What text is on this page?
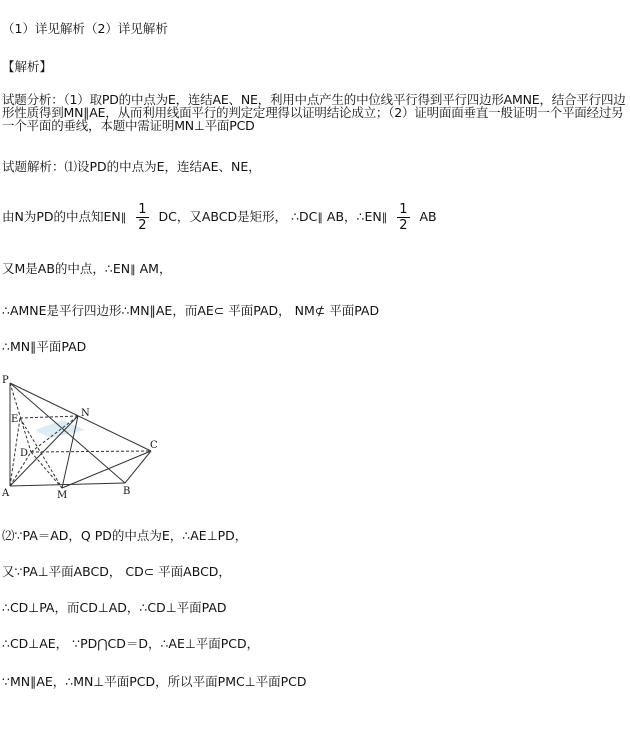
（1）详见解析（2）详见解析
【解析】
试题分析：（1）取PD的中点为E，连结AE、NE，利用中点产生的中位线平行得到平行四边形AMNE，结合平行四边形性质得到MN∥AE，从而利用线面平行的判定定理得以证明结论成立；（2）证明面面垂直一般证明一个平面经过另一个平面的垂线，本题中需证明MN⊥平面PCD
试题解析：⑴设PD的中点为E，连结AE、NE，
由N为PD的中点知EN∥ $\frac{1}{2}$ DC，又ABCD是矩形， ∴DC∥ AB，∴EN∥ $\frac{1}{2}$ AB
又M是AB的中点，∴EN∥ AM，
∴AMNE是平行四边形∴MN∥AE，而AE⊂ 平面PAD， NM⊄ 平面PAD
∴MN∥平面PAD
P
E
N
D
C
A	M	B
⑵∵PA＝AD，Q PD的中点为E，∴AE⊥PD，
又∵PA⊥平面ABCD， CD⊂ 平面ABCD，
∴CD⊥PA，而CD⊥AD，∴CD⊥平面PAD
∴CD⊥AE， ∵PD⋂CD＝D，∴AE⊥平面PCD，
∵MN∥AE，∴MN⊥平面PCD，所以平面PMC⊥平面PCD
